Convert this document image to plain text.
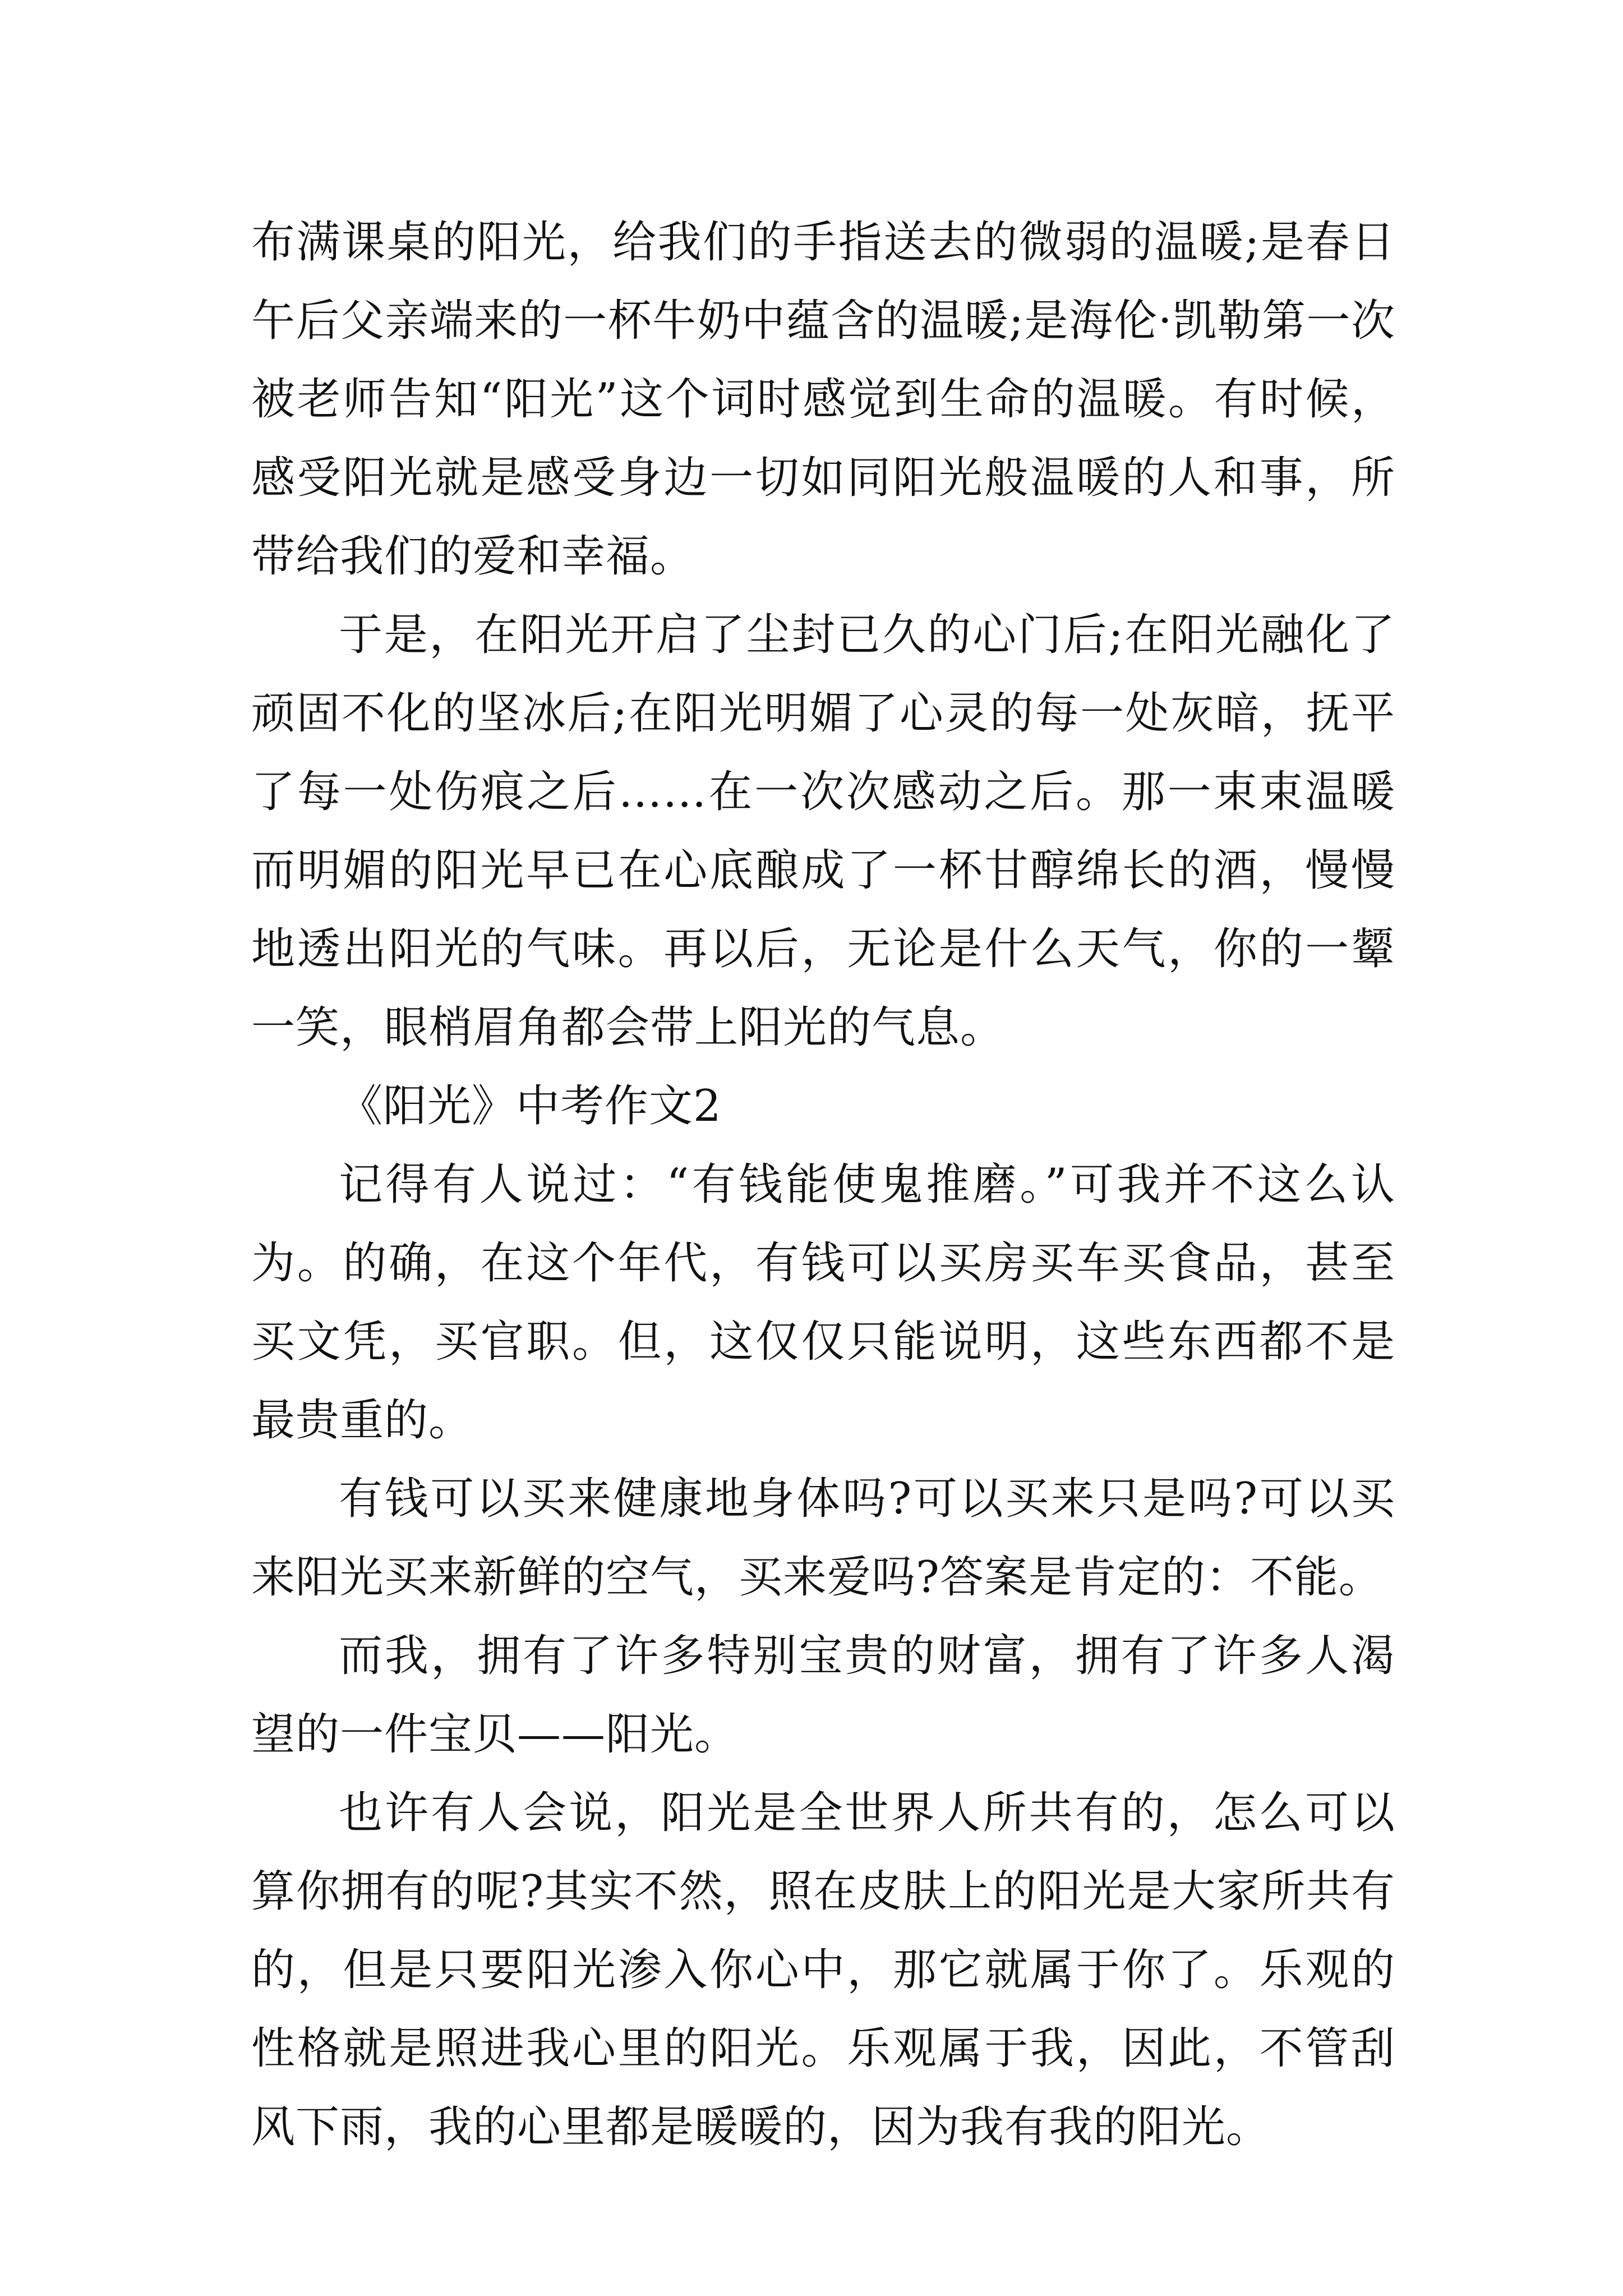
布满课桌的阳光，给我们的手指送去的微弱的温暖;是春日午后父亲端来的一杯牛奶中蕴含的温暖;是海伦·凯勒第一次被老师告知“阳光”这个词时感觉到生命的温暖。有时候，感受阳光就是感受身边一切如同阳光般温暖的人和事，所带给我们的爱和幸福。

于是，在阳光开启了尘封已久的心门后;在阳光融化了顽固不化的坚冰后;在阳光明媚了心灵的每一处灰暗，抚平了每一处伤痕之后……在一次次感动之后。那一束束温暖而明媚的阳光早已在心底酿成了一杯甘醇绵长的酒，慢慢地透出阳光的气味。再以后，无论是什么天气，你的一颦一笑，眼梢眉角都会带上阳光的气息。

《阳光》中考作文2

记得有人说过：“有钱能使鬼推磨。”可我并不这么认为。的确，在这个年代，有钱可以买房买车买食品，甚至买文凭，买官职。但，这仅仅只能说明，这些东西都不是最贵重的。

有钱可以买来健康地身体吗?可以买来只是吗?可以买来阳光买来新鲜的空气，买来爱吗?答案是肯定的：不能。

而我，拥有了许多特别宝贵的财富，拥有了许多人渴望的一件宝贝——阳光。

也许有人会说，阳光是全世界人所共有的，怎么可以算你拥有的呢?其实不然，照在皮肤上的阳光是大家所共有的，但是只要阳光渗入你心中，那它就属于你了。乐观的性格就是照进我心里的阳光。乐观属于我，因此，不管刮风下雨，我的心里都是暖暖的，因为我有我的阳光。
